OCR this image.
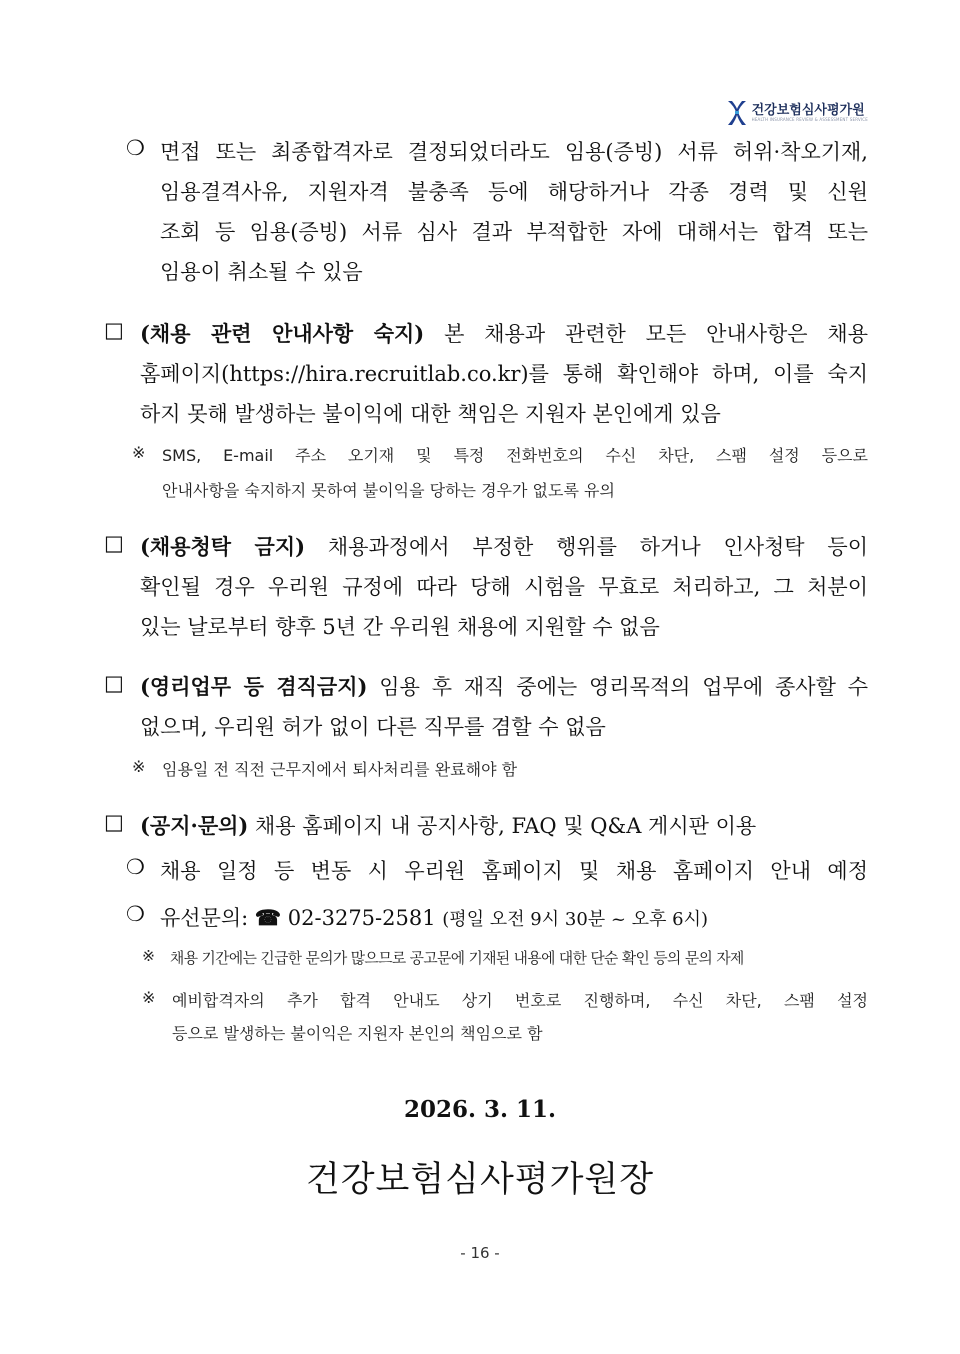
건강보험심사평가원
HEALTH INSURANCE REVIEW & ASSESSMENT SERVICE
❍ 면접 또는 최종합격자로 결정되었더라도 임용(증빙) 서류 허위·착오기재,
임용결격사유, 지원자격 불충족 등에 해당하거나 각종 경력 및 신원
조회 등 임용(증빙) 서류 심사 결과 부적합한 자에 대해서는 합격 또는
임용이 취소될 수 있음
□ (채용 관련 안내사항 숙지) 본 채용과 관련한 모든 안내사항은 채용
홈페이지(https://hira.recruitlab.co.kr)를 통해 확인해야 하며, 이를 숙지
하지 못해 발생하는 불이익에 대한 책임은 지원자 본인에게 있음
※ SMS, E-mail 주소 오기재 및 특정 전화번호의 수신 차단, 스팸 설정 등으로
안내사항을 숙지하지 못하여 불이익을 당하는 경우가 없도록 유의
□ (채용청탁 금지) 채용과정에서 부정한 행위를 하거나 인사청탁 등이
확인될 경우 우리원 규정에 따라 당해 시험을 무효로 처리하고, 그 처분이
있는 날로부터 향후 5년 간 우리원 채용에 지원할 수 없음
□ (영리업무 등 겸직금지) 임용 후 재직 중에는 영리목적의 업무에 종사할 수
없으며, 우리원 허가 없이 다른 직무를 겸할 수 없음
※ 임용일 전 직전 근무지에서 퇴사처리를 완료해야 함
□ (공지·문의) 채용 홈페이지 내 공지사항, FAQ 및 Q&A 게시판 이용
❍ 채용 일정 등 변동 시 우리원 홈페이지 및 채용 홈페이지 안내 예정
❍ 유선문의: ☎ 02-3275-2581 (평일 오전 9시 30분 ~ 오후 6시)
※ 채용 기간에는 긴급한 문의가 많으므로 공고문에 기재된 내용에 대한 단순 확인 등의 문의 자제
※ 예비합격자의 추가 합격 안내도 상기 번호로 진행하며, 수신 차단, 스팸 설정
등으로 발생하는 불이익은 지원자 본인의 책임으로 함
2026. 3. 11.
건강보험심사평가원장
- 16 -
